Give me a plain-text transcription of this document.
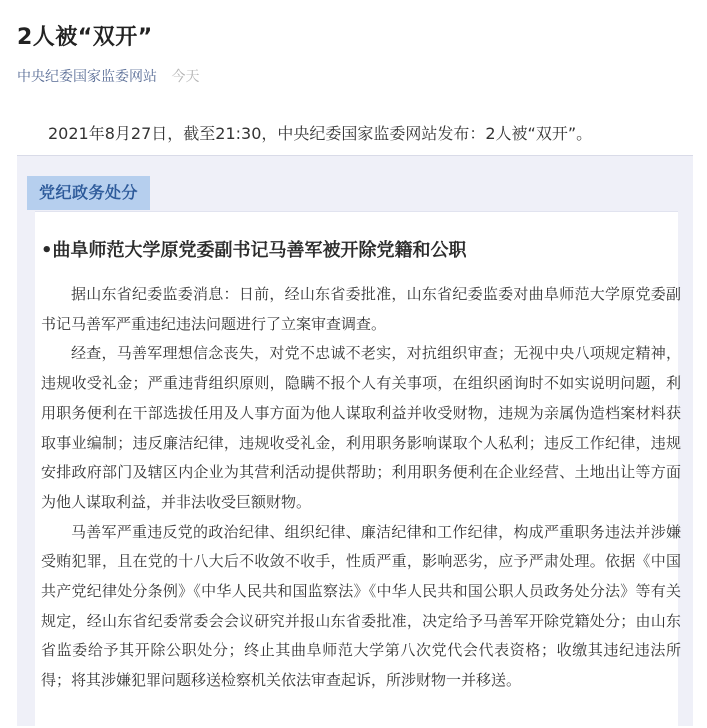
2人被“双开”
中央纪委国家监委网站 今天
2021年8月27日，截至21:30，中央纪委国家监委网站发布：2人被“双开”。
党纪政务处分
•曲阜师范大学原党委副书记马善军被开除党籍和公职

据山东省纪委监委消息：日前，经山东省委批准，山东省纪委监委对曲阜师范大学原党委副书记马善军严重违纪违法问题进行了立案审查调查。

经查，马善军理想信念丧失，对党不忠诚不老实，对抗组织审查；无视中央八项规定精神，违规收受礼金；严重违背组织原则，隐瞒不报个人有关事项，在组织函询时不如实说明问题，利用职务便利在干部选拔任用及人事方面为他人谋取利益并收受财物，违规为亲属伪造档案材料获取事业编制；违反廉洁纪律，违规收受礼金，利用职务影响谋取个人私利；违反工作纪律，违规安排政府部门及辖区内企业为其营利活动提供帮助；利用职务便利在企业经营、土地出让等方面为他人谋取利益，并非法收受巨额财物。

马善军严重违反党的政治纪律、组织纪律、廉洁纪律和工作纪律，构成严重职务违法并涉嫌受贿犯罪，且在党的十八大后不收敛不收手，性质严重，影响恶劣，应予严肃处理。依据《中国共产党纪律处分条例》《中华人民共和国监察法》《中华人民共和国公职人员政务处分法》等有关规定，经山东省纪委常委会会议研究并报山东省委批准，决定给予马善军开除党籍处分；由山东省监委给予其开除公职处分；终止其曲阜师范大学第八次党代会代表资格；收缴其违纪违法所得；将其涉嫌犯罪问题移送检察机关依法审查起诉，所涉财物一并移送。
